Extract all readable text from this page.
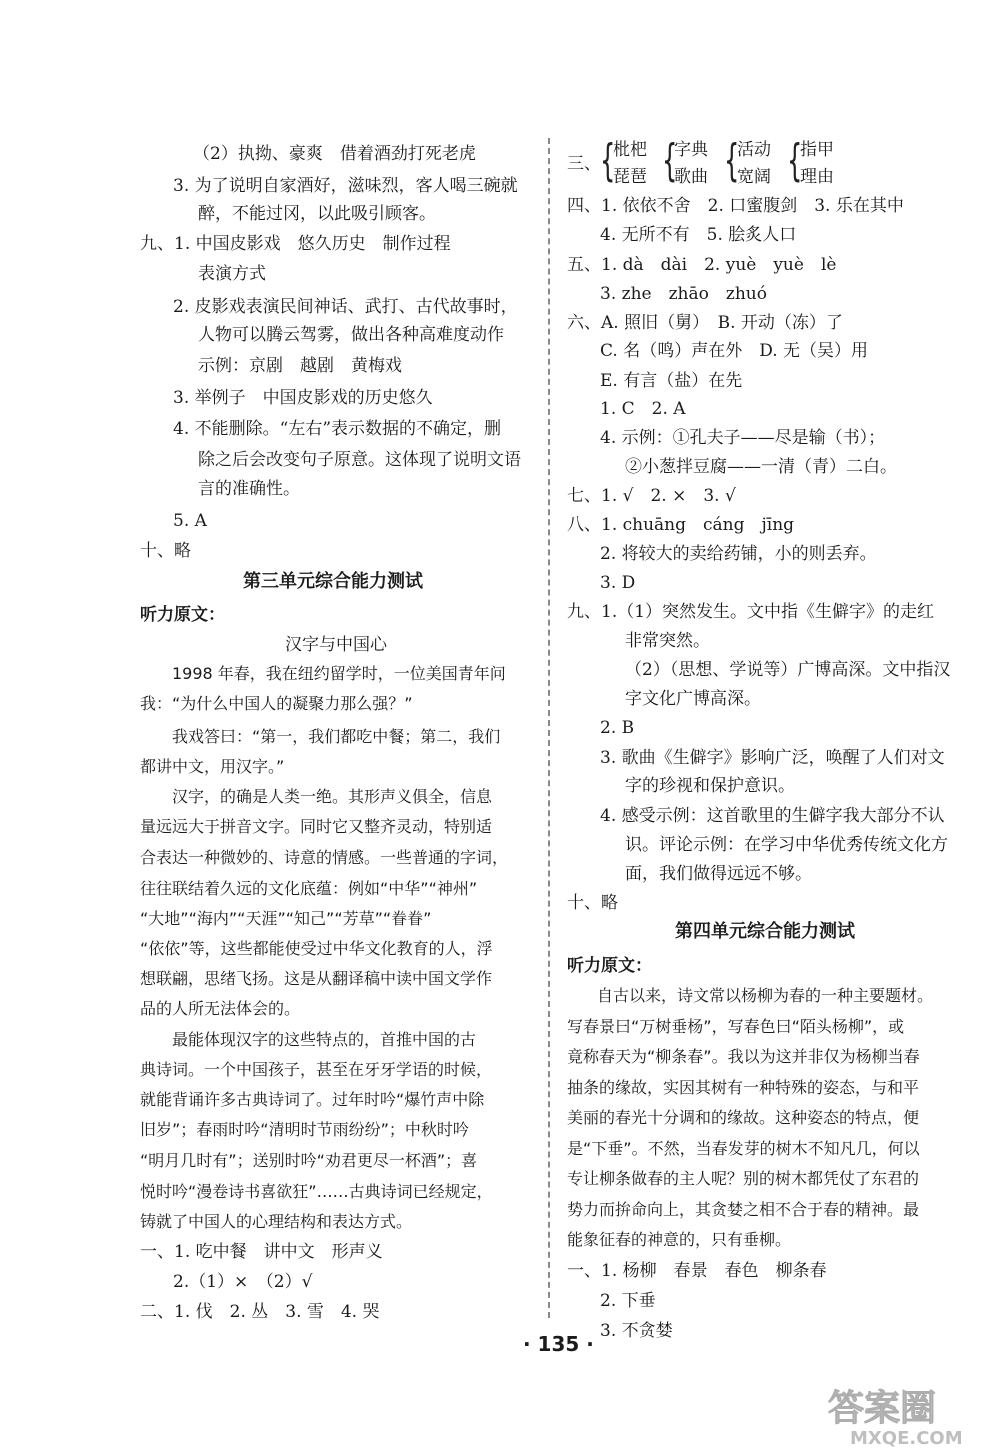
（2）执拗、豪爽　借着酒劲打死老虎
3. 为了说明自家酒好，滋味烈，客人喝三碗就
醉，不能过冈，以此吸引顾客。
九、1. 中国皮影戏　悠久历史　制作过程
表演方式
2. 皮影戏表演民间神话、武打、古代故事时，
人物可以腾云驾雾，做出各种高难度动作
示例：京剧　越剧　黄梅戏
3. 举例子　中国皮影戏的历史悠久
4. 不能删除。“左右”表示数据的不确定，删
除之后会改变句子原意。这体现了说明文语
言的准确性。
5. A
十、略
第三单元综合能力测试
听力原文：
汉字与中国心
1998 年春，我在纽约留学时，一位美国青年问
我：“为什么中国人的凝聚力那么强？”
我戏答曰：“第一，我们都吃中餐；第二，我们
都讲中文，用汉字。”
汉字，的确是人类一绝。其形声义俱全，信息
量远远大于拼音文字。同时它又整齐灵动，特别适
合表达一种微妙的、诗意的情感。一些普通的字词，
往往联结着久远的文化底蕴：例如“中华”“神州”
“大地”“海内”“天涯”“知己”“芳草”“眷眷”
“依依”等，这些都能使受过中华文化教育的人，浮
想联翩，思绪飞扬。这是从翻译稿中读中国文学作
品的人所无法体会的。
最能体现汉字的这些特点的，首推中国的古
典诗词。一个中国孩子，甚至在牙牙学语的时候，
就能背诵许多古典诗词了。过年时吟“爆竹声中除
旧岁”；春雨时吟“清明时节雨纷纷”；中秋时吟
“明月几时有”；送别时吟“劝君更尽一杯酒”；喜
悦时吟“漫卷诗书喜欲狂”……古典诗词已经规定，
铸就了中国人的心理结构和表达方式。
一、1. 吃中餐　讲中文　形声义
2.（1）×　（2）√
二、1. 伐　2. 丛　3. 雪　4. 哭
三、 {
枇杷
琵琶 {
字典
歌曲 {
活动
宽阔 {
指甲
理由
四、1. 依依不舍　2. 口蜜腹剑　3. 乐在其中
4. 无所不有　5. 脍炙人口
五、1. dà　dài　2. yuè　yuè　lè
3. zhe　zhāo　zhuó
六、A. 照旧（舅）　B. 开动（冻）了
C. 名（鸣）声在外　D. 无（吴）用
E. 有言（盐）在先
1. C　2. A
4. 示例：①孔夫子——尽是输（书）；
②小葱拌豆腐——一清（青）二白。
七、1. √　2. ×　3. √
八、1. chuāng　cáng　jīng
2. 将较大的卖给药铺，小的则丢弃。
3. D
九、1.（1）突然发生。文中指《生僻字》的走红
非常突然。
（2）（思想、学说等）广博高深。文中指汉
字文化广博高深。
2. B
3. 歌曲《生僻字》影响广泛，唤醒了人们对文
字的珍视和保护意识。
4. 感受示例：这首歌里的生僻字我大部分不认
识。评论示例：在学习中华优秀传统文化方
面，我们做得远远不够。
十、略
第四单元综合能力测试
听力原文：
自古以来，诗文常以杨柳为春的一种主要题材。
写春景曰“万树垂杨”，写春色曰“陌头杨柳”，或
竟称春天为“柳条春”。我以为这并非仅为杨柳当春
抽条的缘故，实因其树有一种特殊的姿态，与和平
美丽的春光十分调和的缘故。这种姿态的特点，便
是“下垂”。不然，当春发芽的树木不知凡几，何以
专让柳条做春的主人呢？别的树木都凭仗了东君的
势力而拚命向上，其贪婪之相不合于春的精神。最
能象征春的神意的，只有垂柳。
一、1. 杨柳　春景　春色　柳条春
2. 下垂
3. 不贪婪
· 135 ·
答案圈
MXQE.COM
